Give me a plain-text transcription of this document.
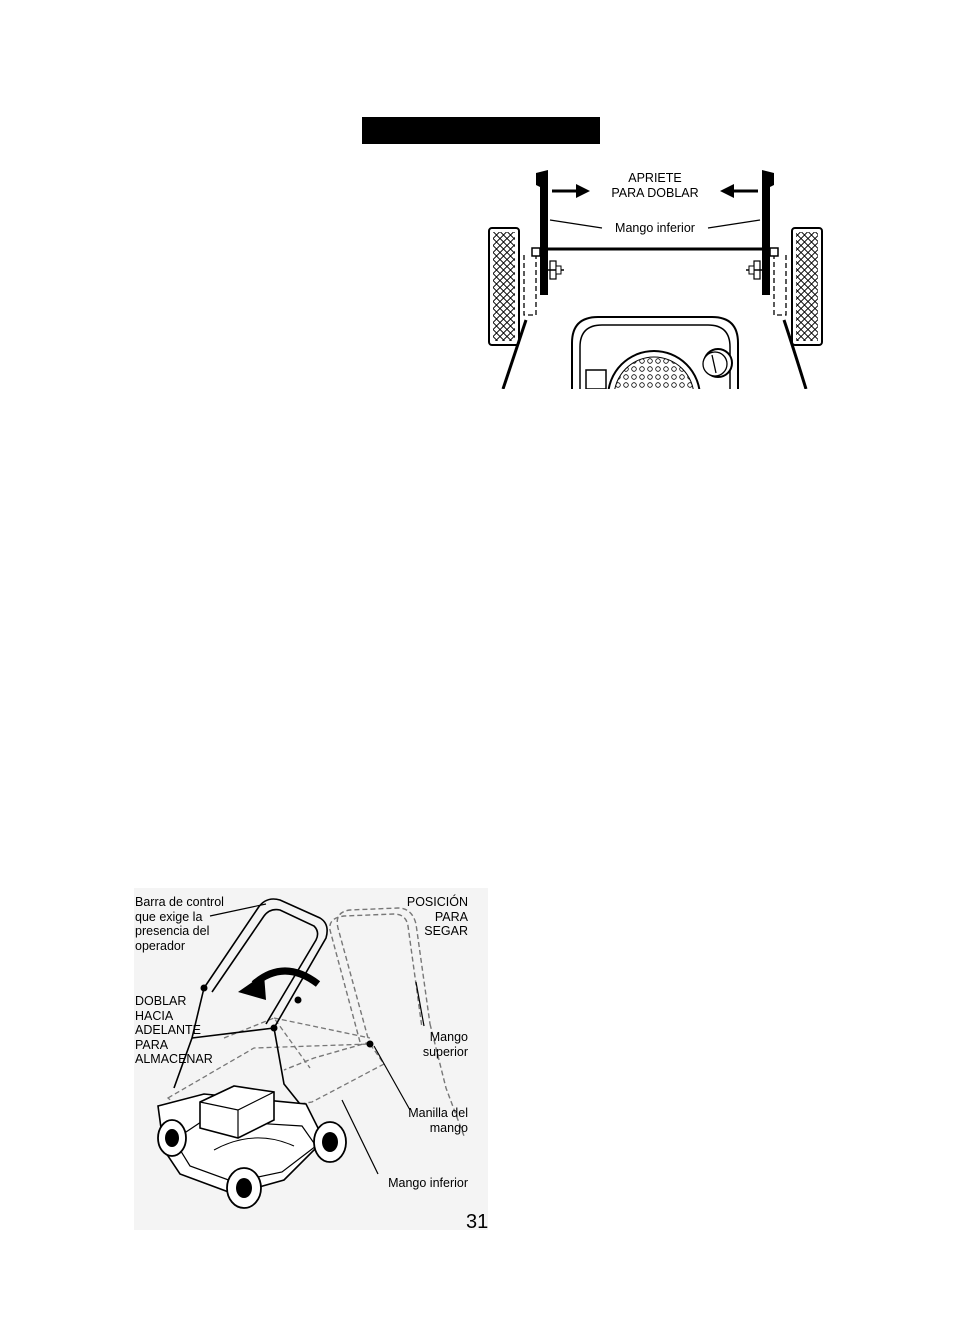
APRIETE
PARA DOBLAR
Mango inferior
Barra de control
que exige la
presencia del
operador
POSICIÓN
PARA
SEGAR
DOBLAR
HACIA
ADELANTE
PARA
ALMACENAR
Mango
superior
Manilla del
mango
Mango inferior
31
